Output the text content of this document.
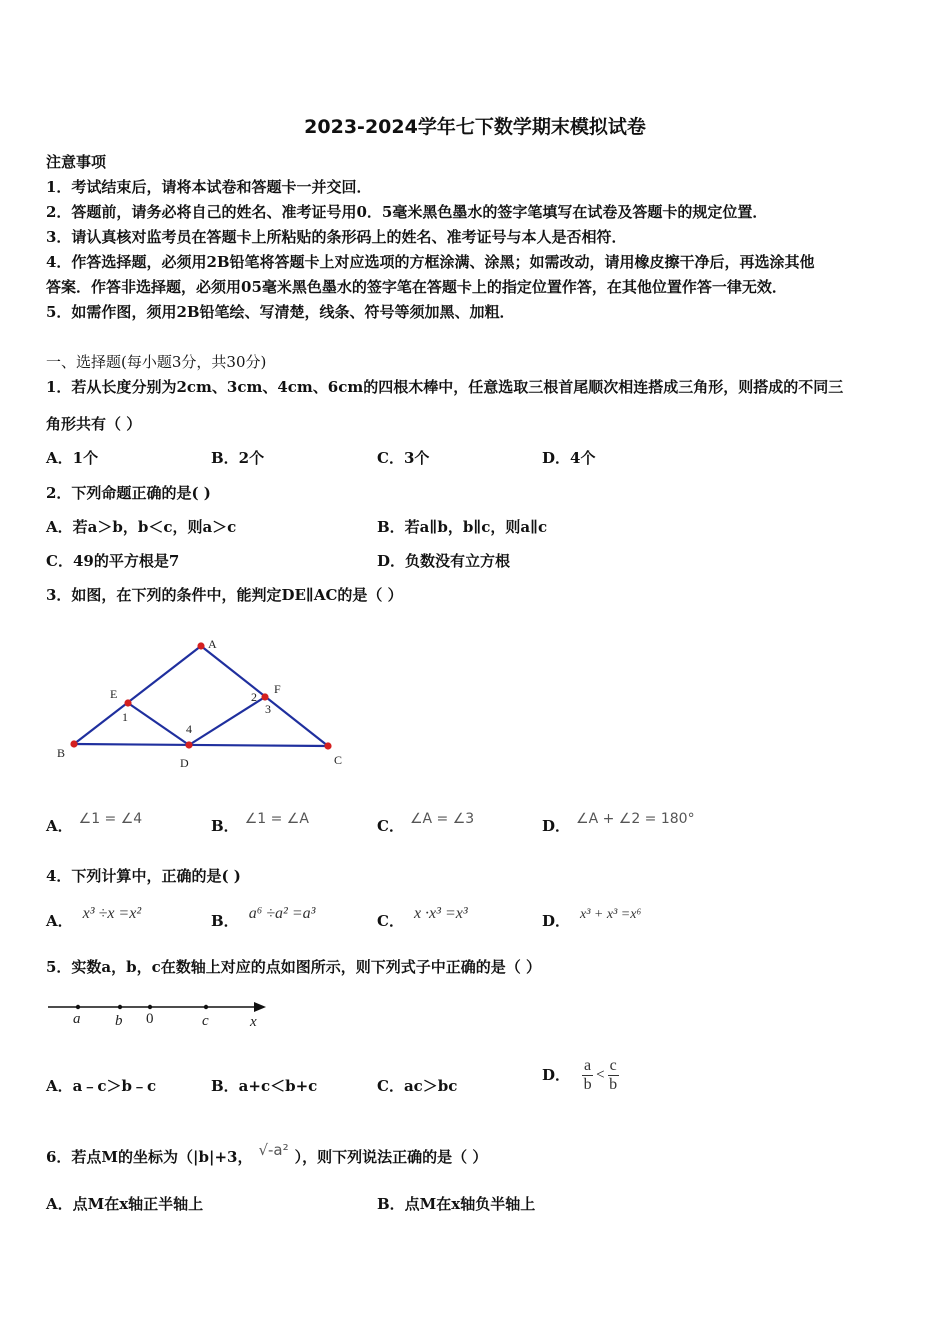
2023-2024学年七下数学期末模拟试卷
注意事项
1．考试结束后，请将本试卷和答题卡一并交回．
2．答题前，请务必将自己的姓名、准考证号用0．5毫米黑色墨水的签字笔填写在试卷及答题卡的规定位置．
3．请认真核对监考员在答题卡上所粘贴的条形码上的姓名、准考证号与本人是否相符．
4．作答选择题，必须用2B铅笔将答题卡上对应选项的方框涂满、涂黑；如需改动，请用橡皮擦干净后，再选涂其他
答案．作答非选择题，必须用05毫米黑色墨水的签字笔在答题卡上的指定位置作答，在其他位置作答一律无效．
5．如需作图，须用2B铅笔绘、写清楚，线条、符号等须加黑、加粗．
一、选择题(每小题3分，共30分)
1．若从长度分别为2cm、3cm、4cm、6cm的四根木棒中，任意选取三根首尾顺次相连搭成三角形，则搭成的不同三
角形共有（ ）
A．1个	B．2个	C．3个	D．4个
2．下列命题正确的是( )
A．若a＞b，b＜c，则a＞c	B．若a∥b，b∥c，则a∥c
C．49的平方根是7	D．负数没有立方根
3．如图，在下列的条件中，能判定DE∥AC的是（ ）
A
B	C
D
E	F
1
2
3
4
A． ∠1 = ∠4	B． ∠1 = ∠A	C． ∠A = ∠3	D． ∠A + ∠2 = 180°
4．下列计算中，正确的是( )
A． x³ ÷x =x²	B． a⁶ ÷a² =a³	C． x ·x³ =x³	D． x³ + x³ =x⁶
5．实数a，b，c在数轴上对应的点如图所示，则下列式子中正确的是（ ）
a b 0	c	x
A．a﹣c＞b﹣c	B．a+c＜b+c	C．ac＞bc
D． $\frac{a}{b} < \frac{c}{b}$
6．若点M的坐标为（|b|+3， √-a² ），则下列说法正确的是（ ）
A．点M在x轴正半轴上	B．点M在x轴负半轴上
